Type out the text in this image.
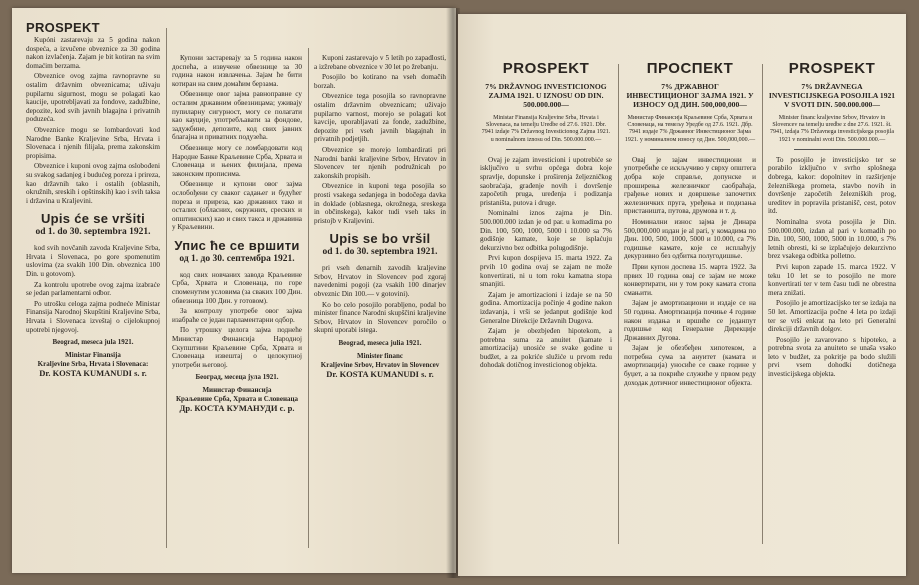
PROSPEKT

Kupóni zastarevaju za 5 godina nakon dospeća, a izvučene obveznice za 30 godina nakon izvlačenja. Zajam je bit kotiran na svim domaćim berzama.

Obveznice ovog zajma ravnopravne su ostalim državnim obveznicama; uživaju pupilarnu sigurnost, mogu se polagati kao kaucije, upotrebljavati za fondove, zadužbine, depozite, kod svih javnih blagajna i privatnih poduzeća.

Obveznice mogu se lombardovati kod Narodne Banke Kraljevine Srba, Hrvata i Slovenaca i njenih filijala, prema zakonskim propisima.

Obveznice i kuponi ovog zajma oslobođeni su svakog sadanjeg i budućeg poreza i prireza, kao državnih tako i ostalih (oblasnih, okružnih, sreskih i opštinskih) kao i svih taksa i državina u Kraljevini.

Upis će se vršiti
od 1. do 30. septembra 1921.

kod svih novčanih zavoda Kraljevine Srba, Hrvata i Slovenaca, po gore spomenutim uslovima (za svakih 100 Din. obveznica 100 Din. u gotovom).

Za kontrolu upotrebe ovog zajma izabraće se jedan parlamentarni odbor.

Po utrošku celoga zajma podneće Ministar Finansija Narodnoj Skupštini Kraljevine Srba, Hrvata i Slovenaca izveštaj o cijelokupnoj upotrebi njegovoj.

Beograd, meseca jula 1921.

Ministar Finansija

Kraljevine Srba, Hrvata i Slovenaca:

Dr. KOSTA KUMANUDI s. r.

Купони застаревају за 5 година након доспећа, а извучене обвезнице за 30 година након извлачења. Зајам ће бити котиран на свим домаћим берзама.

Обвезнице овог зајма равноправне су осталим државним обвезницама; уживају пупиларну сигурност, могу се полагати као кауције, употребљавати за фондове, задужбине, депозите, код свих јавних благајна и приватних подузећа.

Обвезнице могу се ломбардовати код Народне Банке Краљевине Срба, Хрвата и Словенаца и њених филијала, према законским прописима.

Обвезнице и купони овог зајма ослобођени су сваког садањег и будућег пореза и приреза, као државних тако и осталих (обласних, окружних, среских и општинских) као и свих такса и државина у Краљевини.

Упис ће се вршити
од 1. до 30. септембра 1921.

код свих новчаних завода Краљевине Срба, Хрвата и Словенаца, по горе споменутим условима (за сваких 100 Дин. обвезница 100 Дин. у готовом).

За контролу употребе овог зајма изабраће се један парламентарни одбор.

По утрошку целога зајма поднеће Министар Финансија Народној Скупштини Краљевине Срба, Хрвата и Словенаца извештај о целокупној употреби његовој.

Београд, месеца јула 1921.

Министар Финансија

Краљевине Срба, Хрвата и Словенаца

Др. КОСТА КУМАНУДИ с. р.

Kuponi zastarevajo v 5 letih po zapadlosti, a izžrebane obveznice v 30 let po žrebanju.

Posojilo bo kotirano na vseh domačih borzah.

Obveznice tega posojila so ravnopravne ostalim državnim obveznicam; uživajo pupilarno varnost, morejo se polagati kot kavcije, uporabljavati za fonde, zadužbine, depozite pri vseh javnih blagajnah in privatnih podjetjih.

Obveznice se morejo lombardirati pri Narodni banki kraljevine Srbov, Hrvatov in Slovencev ter njenih podružnicah po zakonskih propisih.

Obveznice in kuponi tega posojila so prosti vsakega sedanjega in bodočega davka in doklade (oblasnega, okrožnega, sreskega in občinskega), kakor tudi vseh taks in pristojb v Kraljevini.

Upis se bo vršil
od 1. do 30. septembra 1921.

pri vseh denarnih zavodih kraljevine Srbov, Hrvatov in Slovencev pod zgoraj navedenimi pogoji (za vsakih 100 dinarjev obveznic Din 100.— v gotovini).

Ko bo celo posojilo porabljeno, podal bo minister finance Narodni skupščini kraljevine Srbov, Hrvatov in Slovencev poročilo o skupni uporabi istega.

Beograd, meseca julia 1921.

Minister financ

Kraljevine Srbov, Hrvatov in Slovencev

Dr. KOSTA KUMANUDI s. r.

PROSPEKT
7% DRŽAVNOG INVESTICIONOG ZAJMA 1921. U IZNOSU OD DIN. 500.000.000—
Ministar Finansija Kraljevine Srba, Hrvata i Slovenaca, na temelju Uredbe od 27.6. 1921. Dbr. 7941 izdaje 7% Državnog Investicionog Zajma 1921. u nominalnom iznosu od Din. 500.000.000.—

Ovaj je zajam investicioni i upotrebiće se isključivo u svrhu općega dobra koje spravlje, dopunske i proširenja željezničkog saobraćaja, građenje novih i dovršenje započetih pruga, uređenja i podizanja pristaništa, putova i druge.

Nominalni iznos zajma je Din. 500.000.000 izdan je od par. u komadima po Din. 100, 500, 1000, 5000 i 10.000 sa 7% godišnje kamate, koje se isplaćuju dekurzivno bez odbitka polugodišnje.

Prvi kupon dospijeva 15. marta 1922. Za prvih 10 godina ovaj se zajam ne može konvertirati, ni u tom roku kamatna stopa smanjiti.

Zajam je amortizacioni i izdaje se na 50 godina. Amortizacija počinje 4 godine nakon izdavanja, i vrši se jedanput godišnje kod Generalne Direkcije Državnih Dugova.

Zajam je obezbjeđen hipotekom, a potrebna suma za anuitet (kamate i amortizacija) unosiće se svake godine u budžet, a za pokriće služiće u prvom redu dohodak dotičnog investicionog objekta.

ПРОСПЕКТ
7% ДРЖАВНОГ ИНВЕСТИЦИОНОГ ЗАЈМА 1921. У ИЗНОСУ ОД ДИН. 500,000,000—
Министар Финансија Краљевине Срба, Хрвата и Словенаца, на темељу Уредбе од 27.6. 1921. Дбр. 7941 издаје 7% Државног Инвестиционог Зајма 1921. у номиналном износу од Дин. 500,000,000.—

Овај је зајам инвестициони и употребиће се искључиво у сврху општега добра које спрaвље, допунске и проширења железничког саобраћаја, грађење нових и довршење започетих железничких пруга, уређења и подизања пристаништа, путова, друмова и т. д.

Номинални износ зајма је Динара 500,000,000 издан је al pari, у комадима по Дин. 100, 500, 1000, 5000 и 10.000, са 7% годишње камате, које се исплаћују декурзивно без одбитка полугодишње.

Први купон доспева 15. марта 1922. За првих 10 година овај се зајам не може конвертирати, ни у том року камата стопа смањити.

Зајам је амортизациони и издаје се на 50 година. Амортизација почиње 4 године након издања и вршиће се једанпут годишње код Генералне Дирекције Државних Дугова.

Зајам је обезбеђен хипотеком, а потребна сума за ануитет (камата и амортизација) уносиће се сваке године у буџет, а за покриће служиће у првом реду доходак дотичног инвестиционог објекта.

PROSPEKT
7% DRŽAVNEGA INVESTICIJSKEGA POSOJILA 1921 V SVOTI DIN. 500.000.000—
Minister financ kraljevine Srbov, Hrvatov in Slovencev na temelju uredbe z dne 27.6. 1921. št. 7941, izdaja 7% Državnega investicijskega posojila 1921 v nominalni svoti Din. 500.000.000.—

To posojilo je investicijsko ter se porabilo izključno v svrho splošnega dobrega, kakor: dopolnitev in razširjenje železniškega prometa, stavbo novih in dovršenje započetih železniških prog, ureditev in popravila pristanišč, cest, potov itd.

Nominalna svota posojila je Din. 500.000.000, izdan al pari v komadih po Din. 100, 500, 1000, 5000 in 10.000, s 7% letnih obresti, ki se izplačujejo dekurzivno brez vsakega odbitka polletno.

Prvi kupon zapade 15. marca 1922. V teku 10 let se to posojilo ne more konvertirati ter v tem času tudi ne obrestna mera znižati.

Posojilo je amortizacijsko ter se izdaja na 50 let. Amortizacija počne 4 leta po izdaji ter se vrši enkrat na leto pri Generalni direkciji državnih dolgov.

Posojilo je zavarovano s hipoteko, a potrebna svota za anuiteto se unaša vsako leto v budžet, za pokritje pa bodo služili prvi vsem dohodki dotičnega investicijskega objekta.
